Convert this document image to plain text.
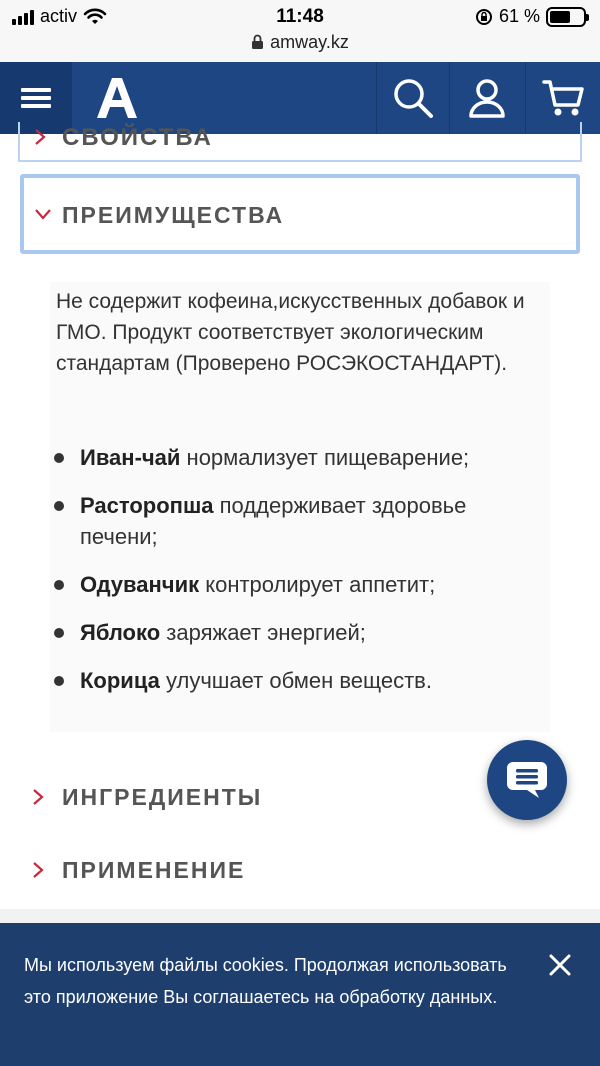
activ	11:48	61 %
amway.kz
СВОЙСТВА
ПРЕИМУЩЕСТВА

Не содержит кофеина,искусственных добавок и ГМО. Продукт соответствует экологическим стандартам (Проверено РОСЭКОСТАНДАРТ).

Иван-чай нормализует пищеварение;
Расторопша поддерживает здоровье печени;
Одуванчик контролирует аппетит;
Яблоко заряжает энергией;
Корица улучшает обмен веществ.
ИНГРЕДИЕНТЫ
ПРИМЕНЕНИЕ

Мы используем файлы cookies. Продолжая использовать это приложение Вы соглашаетесь на обработку данных.
